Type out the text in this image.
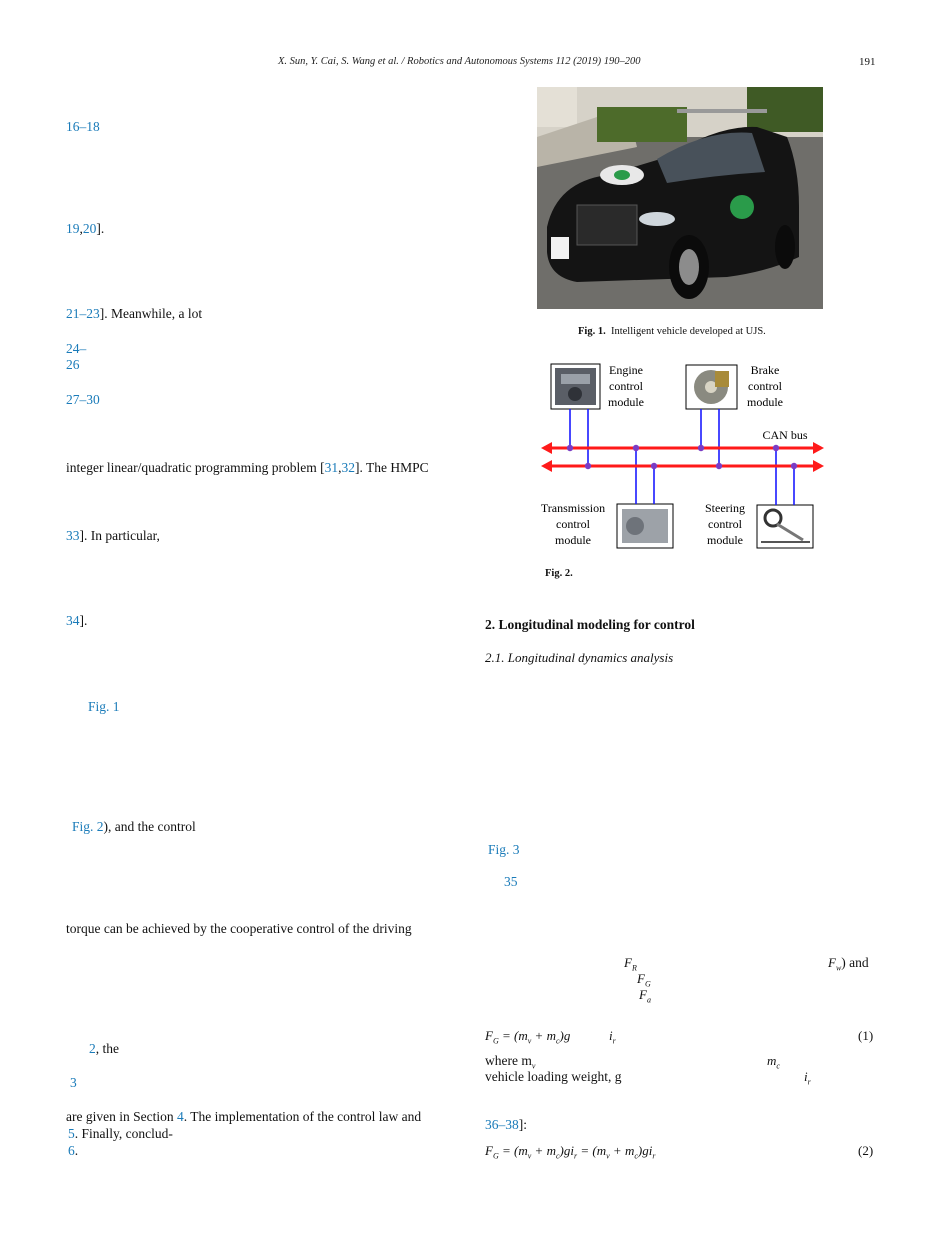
X. Sun, Y. Cai, S. Wang et al. / Robotics and Autonomous Systems 112 (2019) 190–200	191
16–18
19,20].
21–23]. Meanwhile, a lot
24–
26
27–30
integer linear/quadratic programming problem [31,32]. The HMPC
33]. In particular,
34].
Fig. 1
Fig. 2), and the control
torque can be achieved by the cooperative control of the driving
2, the
3
are given in Section 4. The implementation of the control law and
5. Finally, conclud-
6.
Fig. 1. Intelligent vehicle developed at UJS.
Engine
control
module
Brake
control
module
Transmission
control
module
Steering
control
module
CAN bus
Fig. 2.
2. Longitudinal modeling for control
2.1. Longitudinal dynamics analysis
Fig. 3
35
$F_R$	$F_w$) and
$F_G$
$F_a$
$F_G = (m_v + m_c)g$	$i_r$	(1)
where $m_v$	$m_c$
vehicle loading weight, g	$i_r$
36–38]:
$F_G = (m_v + m_c)gi_r = (m_v + m_c)gi_r$	(2)
